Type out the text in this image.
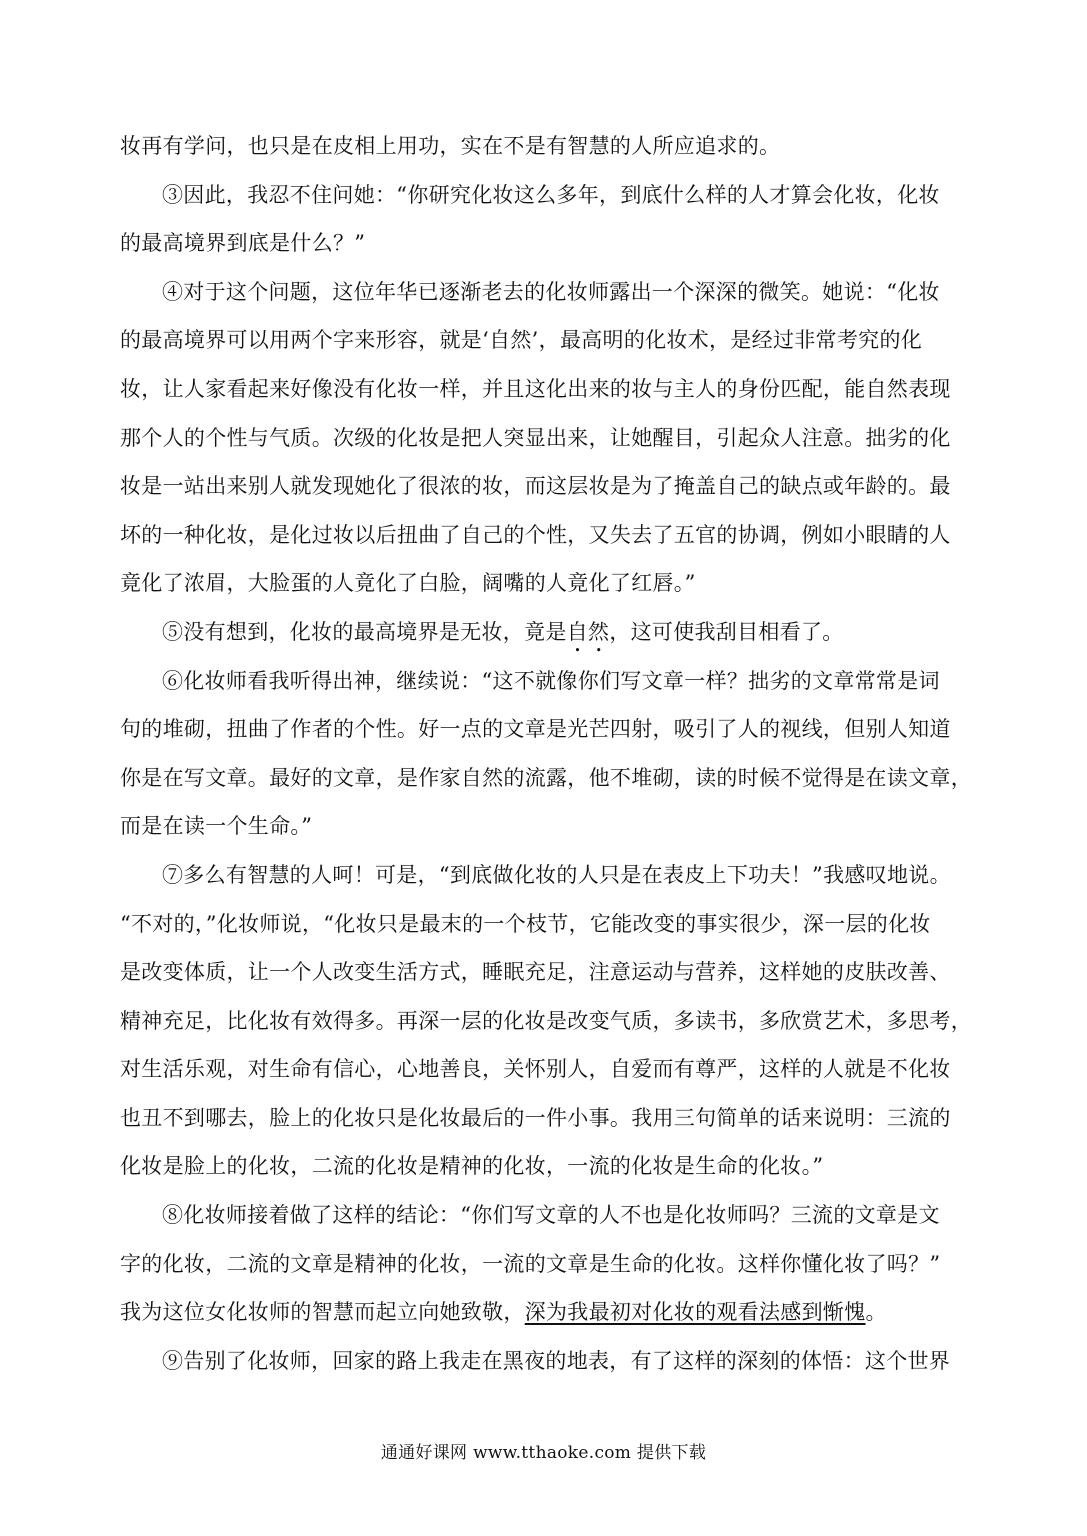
妆再有学问，也只是在皮相上用功，实在不是有智慧的人所应追求的。
③因此，我忍不住问她：“你研究化妆这么多年，到底什么样的人才算会化妆，化妆
的最高境界到底是什么？”
④对于这个问题，这位年华已逐渐老去的化妆师露出一个深深的微笑。她说：“化妆
的最高境界可以用两个字来形容，就是‘自然’，最高明的化妆术，是经过非常考究的化
妆，让人家看起来好像没有化妆一样，并且这化出来的妆与主人的身份匹配，能自然表现
那个人的个性与气质。次级的化妆是把人突显出来，让她醒目，引起众人注意。拙劣的化
妆是一站出来别人就发现她化了很浓的妆，而这层妆是为了掩盖自己的缺点或年龄的。最
坏的一种化妆，是化过妆以后扭曲了自己的个性，又失去了五官的协调，例如小眼睛的人
竟化了浓眉，大脸蛋的人竟化了白脸，阔嘴的人竟化了红唇。”
⑤没有想到，化妆的最高境界是无妆，竟是自然，这可使我刮目相看了。
⑥化妆师看我听得出神，继续说：“这不就像你们写文章一样？拙劣的文章常常是词
句的堆砌，扭曲了作者的个性。好一点的文章是光芒四射，吸引了人的视线，但别人知道
你是在写文章。最好的文章，是作家自然的流露，他不堆砌，读的时候不觉得是在读文章，
而是在读一个生命。”
⑦多么有智慧的人呵！可是，“到底做化妆的人只是在表皮上下功夫！”我感叹地说。
“不对的，”化妆师说，“化妆只是最末的一个枝节，它能改变的事实很少，深一层的化妆
是改变体质，让一个人改变生活方式，睡眠充足，注意运动与营养，这样她的皮肤改善、
精神充足，比化妆有效得多。再深一层的化妆是改变气质，多读书，多欣赏艺术，多思考，
对生活乐观，对生命有信心，心地善良，关怀别人，自爱而有尊严，这样的人就是不化妆
也丑不到哪去，脸上的化妆只是化妆最后的一件小事。我用三句简单的话来说明：三流的
化妆是脸上的化妆，二流的化妆是精神的化妆，一流的化妆是生命的化妆。”
⑧化妆师接着做了这样的结论：“你们写文章的人不也是化妆师吗？三流的文章是文
字的化妆，二流的文章是精神的化妆，一流的文章是生命的化妆。这样你懂化妆了吗？”
我为这位女化妆师的智慧而起立向她致敬，深为我最初对化妆的观看法感到惭愧。
⑨告别了化妆师，回家的路上我走在黑夜的地表，有了这样的深刻的体悟：这个世界
通通好课网 www.tthaoke.com 提供下载
